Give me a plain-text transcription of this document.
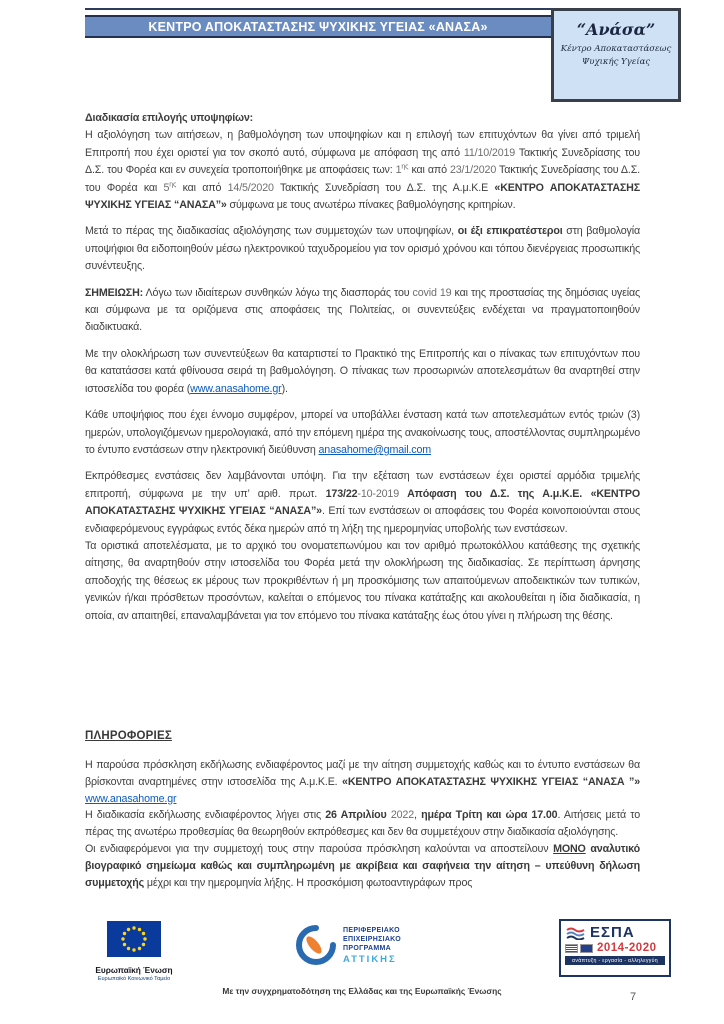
ΚΕΝΤΡΟ ΑΠΟΚΑΤΑΣΤΑΣΗΣ ΨΥΧΙΚΗΣ ΥΓΕΙΑΣ «ΑΝΑΣΑ»	“Ανάσα”
Κέντρο Αποκαταστάσεως
Ψυχικής Υγείας
Διαδικασία επιλογής υποψηφίων:
Η αξιολόγηση των αιτήσεων, η βαθμολόγηση των υποψηφίων και η επιλογή των επιτυχόντων θα γίνει από τριμελή Επιτροπή που έχει οριστεί για τον σκοπό αυτό, σύμφωνα με απόφαση της από 11/10/2019 Τακτικής Συνεδρίασης του Δ.Σ. του Φορέα και εν συνεχεία τροποποιήθηκε με αποφάσεις των: $1^{\eta\varsigma}$ και από 23/1/2020 Τακτικής Συνεδρίασης του Δ.Σ. του Φορέα και $5^{\eta\varsigma}$ και από 14/5/2020 Τακτικής Συνεδρίαση του Δ.Σ. της Α.μ.Κ.Ε «ΚΕΝΤΡΟ ΑΠΟΚΑΤΑΣΤΑΣΗΣ ΨΥΧΙΚΗΣ ΥΓΕΙΑΣ “ΑΝΑΣΑ”» σύμφωνα με τους ανωτέρω πίνακες βαθμολόγησης κριτηρίων.
Μετά το πέρας της διαδικασίας αξιολόγησης των συμμετοχών των υποψηφίων, οι έξι επικρατέστεροι στη βαθμολογία υποψήφιοι θα ειδοποιηθούν μέσω ηλεκτρονικού ταχυδρομείου για τον ορισμό χρόνου και τόπου διενέργειας προσωπικής συνέντευξης.
ΣΗΜΕΙΩΣΗ: Λόγω των ιδιαίτερων συνθηκών λόγω της διασποράς του covid 19 και της προστασίας της δημόσιας υγείας και σύμφωνα με τα οριζόμενα στις αποφάσεις της Πολιτείας, οι συνεντεύξεις ενδέχεται να πραγματοποιηθούν διαδικτυακά.
Με την ολοκλήρωση των συνεντεύξεων θα καταρτιστεί το Πρακτικό της Επιτροπής και ο πίνακας των επιτυχόντων που θα κατατάσσει κατά φθίνουσα σειρά τη βαθμολόγηση. Ο πίνακας των προσωρινών αποτελεσμάτων θα αναρτηθεί στην ιστοσελίδα του φορέα (www.anasahome.gr).
Κάθε υποψήφιος που έχει έννομο συμφέρον, μπορεί να υποβάλλει ένσταση κατά των αποτελεσμάτων εντός τριών (3) ημερών, υπολογιζόμενων ημερολογιακά, από την επόμενη ημέρα της ανακοίνωσης τους, αποστέλλοντας συμπληρωμένο το έντυπο ενστάσεων στην ηλεκτρονική διεύθυνση anasahome@gmail.com
Εκπρόθεσμες ενστάσεις δεν λαμβάνονται υπόψη. Για την εξέταση των ενστάσεων έχει οριστεί αρμόδια τριμελής επιτροπή, σύμφωνα με την υπ’ αριθ. πρωτ. 173/22-10-2019 Απόφαση του Δ.Σ. της Α.μ.Κ.Ε. «ΚΕΝΤΡΟ ΑΠΟΚΑΤΑΣΤΑΣΗΣ ΨΥΧΙΚΗΣ ΥΓΕΙΑΣ “ΑΝΑΣΑ”». Επί των ενστάσεων οι αποφάσεις του Φορέα κοινοποιούνται στους ενδιαφερόμενους εγγράφως εντός δέκα ημερών από τη λήξη της ημερομηνίας υποβολής των ενστάσεων.
Τα οριστικά αποτελέσματα, με το αρχικό του ονοματεπωνύμου και τον αριθμό πρωτοκόλλου κατάθεσης της σχετικής αίτησης, θα αναρτηθούν στην ιστοσελίδα του Φορέα μετά την ολοκλήρωση της διαδικασίας. Σε περίπτωση άρνησης αποδοχής της θέσεως εκ μέρους των προκριθέντων ή μη προσκόμισης των απαιτούμενων αποδεικτικών των τυπικών, γενικών ή/και πρόσθετων προσόντων, καλείται ο επόμενος του πίνακα κατάταξης και ακολουθείται η ίδια διαδικασία, η οποία, αν απαιτηθεί, επαναλαμβάνεται για τον επόμενο του πίνακα κατάταξης έως ότου γίνει η πλήρωση της θέσης.
ΠΛΗΡΟΦΟΡΙΕΣ
Η παρούσα πρόσκληση εκδήλωσης ενδιαφέροντος μαζί με την αίτηση συμμετοχής καθώς και το έντυπο ενστάσεων θα βρίσκονται αναρτημένες στην ιστοσελίδα της Α.μ.Κ.Ε. «ΚΕΝΤΡΟ ΑΠΟΚΑΤΑΣΤΑΣΗΣ ΨΥΧΙΚΗΣ ΥΓΕΙΑΣ “ΑΝΑΣΑ ”» www.anasahome.gr
Η διαδικασία εκδήλωσης ενδιαφέροντος λήγει στις 26 Απριλίου 2022, ημέρα Τρίτη και ώρα 17.00. Αιτήσεις μετά το πέρας της ανωτέρω προθεσμίας θα θεωρηθούν εκπρόθεσμες και δεν θα συμμετέχουν στην διαδικασία αξιολόγησης.
Οι ενδιαφερόμενοι για την συμμετοχή τους στην παρούσα πρόσκληση καλούνται να αποστείλουν ΜΟΝΟ αναλυτικό βιογραφικό σημείωμα καθώς και συμπληρωμένη με ακρίβεια και σαφήνεια την αίτηση – υπεύθυνη δήλωση συμμετοχής μέχρι και την ημερομηνία λήξης. Η προσκόμιση φωτοαντιγράφων προς
Ευρωπαϊκή Ένωση
Ευρωπαϊκό Κοινωνικό Ταμείο
ΠΕΡΙΦΕΡΕΙΑΚΟ
ΕΠΙΧΕΙΡΗΣΙΑΚΟ
ΠΡΟΓΡΑΜΜΑ
ΑΤΤΙΚΗΣ
ΕΣΠΑ
2014-2020
ανάπτυξη - εργασία - αλληλεγγύη
Με την συγχρηματοδότηση της Ελλάδας και της Ευρωπαϊκής Ένωσης	7
